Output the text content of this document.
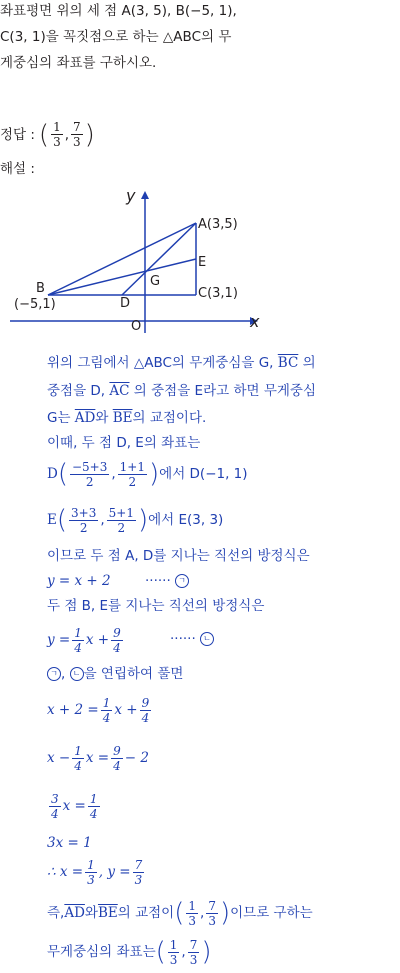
좌표평면 위의 세 점 A(3, 5), B(−5, 1),
C(3, 1)을 꼭짓점으로 하는 △ABC의 무
게중심의 좌표를 구하시오.
정답 : ( $\frac{1}{3}$ , $\frac{7}{3}$ )
해설 :
y
x
O
A(3,5)
B
(−5,1)
C(3,1)
D
E
G
위의 그림에서 △ABC의 무게중심을 G, $\overline{BC}$ 의
중점을 D, $\overline{AC}$ 의 중점을 E라고 하면 무게중심
G는 $\overline{AD}$와 $\overline{BE}$의 교점이다.
이때, 두 점 D, E의 좌표는
D ( $\frac{-5+3}{2}$ , $\frac{1+1}{2}$ ) 에서 D(−1, 1)
E ( $\frac{3+3}{2}$ , $\frac{5+1}{2}$ ) 에서 E(3, 3)
이므로 두 점 A, D를 지나는 직선의 방정식은
y = x + 2	······ ㄱ
두 점 B, E를 지나는 직선의 방정식은
$y = \frac{1}{4}$ $x + \frac{9}{4}$	······ ㄴ
ㄱ , ㄴ 을 연립하여 풀면
$x + 2 = \frac{1}{4}$ $x + \frac{9}{4}$
$x - \frac{1}{4}$ $x = \frac{9}{4} - 2$
$\frac{3}{4}$ $x = \frac{1}{4}$
3x = 1
∴ $x = \frac{1}{3}$ , $y = \frac{7}{3}$
즉, $\overline{AD}$ 와 $\overline{BE}$ 의 교점이 ( $\frac{1}{3}$ , $\frac{7}{3}$ ) 이므로 구하는
무게중심의 좌표는 ( $\frac{1}{3}$ , $\frac{7}{3}$ )
